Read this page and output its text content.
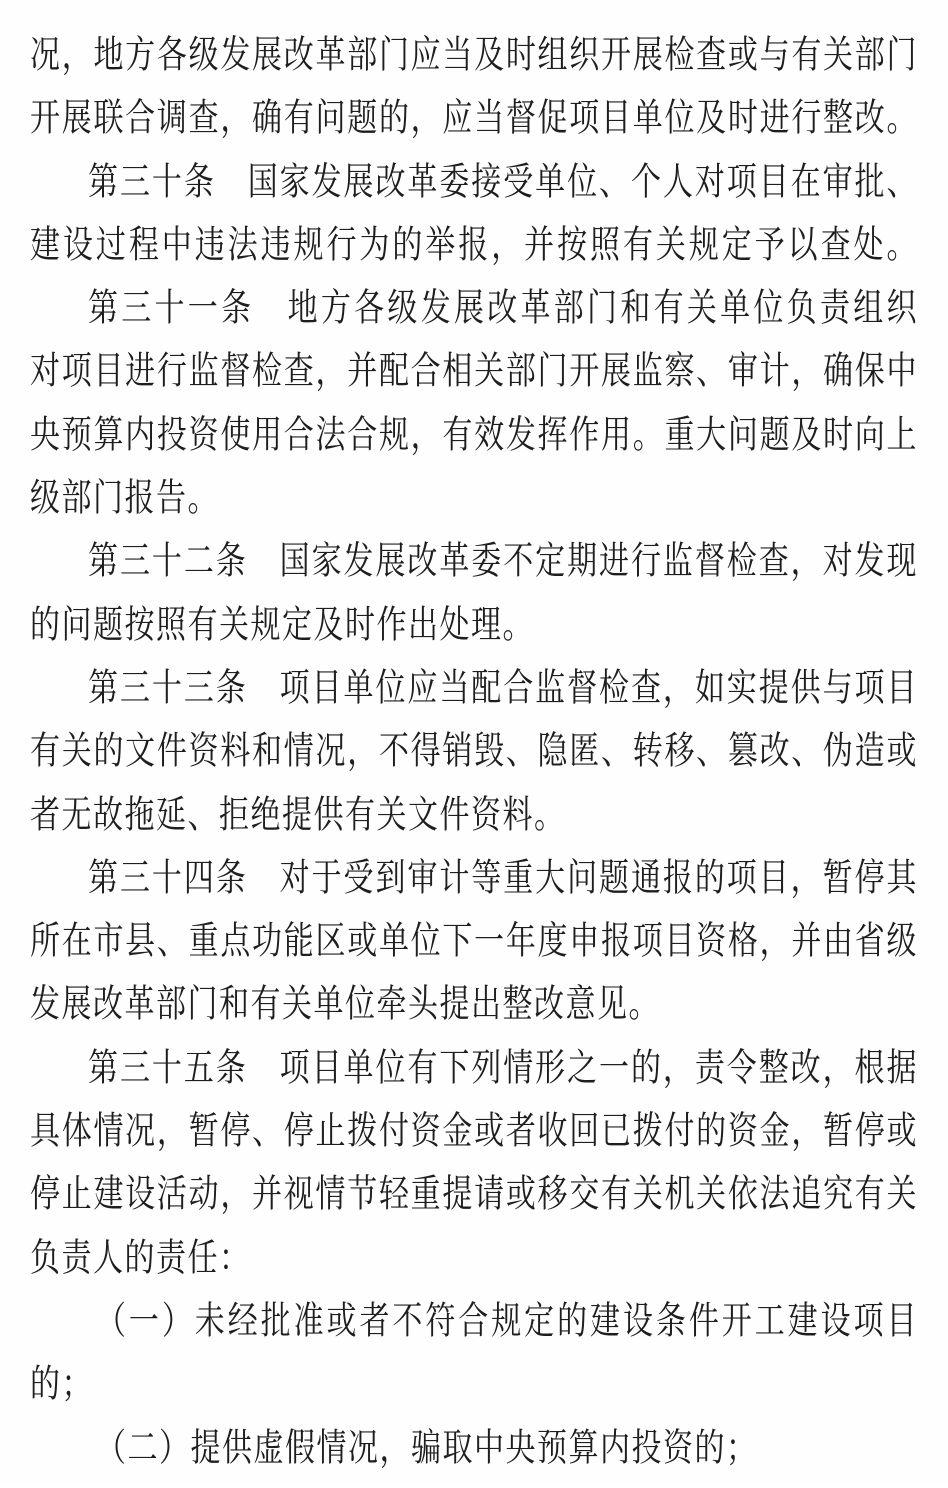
况，地方各级发展改革部门应当及时组织开展检查或与有关部门
开展联合调查，确有问题的，应当督促项目单位及时进行整改。
第三十条　国家发展改革委接受单位、个人对项目在审批、
建设过程中违法违规行为的举报，并按照有关规定予以查处。
第三十一条　地方各级发展改革部门和有关单位负责组织
对项目进行监督检查，并配合相关部门开展监察、审计，确保中
央预算内投资使用合法合规，有效发挥作用。重大问题及时向上
级部门报告。
第三十二条　国家发展改革委不定期进行监督检查，对发现
的问题按照有关规定及时作出处理。
第三十三条　项目单位应当配合监督检查，如实提供与项目
有关的文件资料和情况，不得销毁、隐匿、转移、篡改、伪造或
者无故拖延、拒绝提供有关文件资料。
第三十四条　对于受到审计等重大问题通报的项目，暂停其
所在市县、重点功能区或单位下一年度申报项目资格，并由省级
发展改革部门和有关单位牵头提出整改意见。
第三十五条　项目单位有下列情形之一的，责令整改，根据
具体情况，暂停、停止拨付资金或者收回已拨付的资金，暂停或
停止建设活动，并视情节轻重提请或移交有关机关依法追究有关
负责人的责任：
（一）未经批准或者不符合规定的建设条件开工建设项目
的；
（二）提供虚假情况，骗取中央预算内投资的；
